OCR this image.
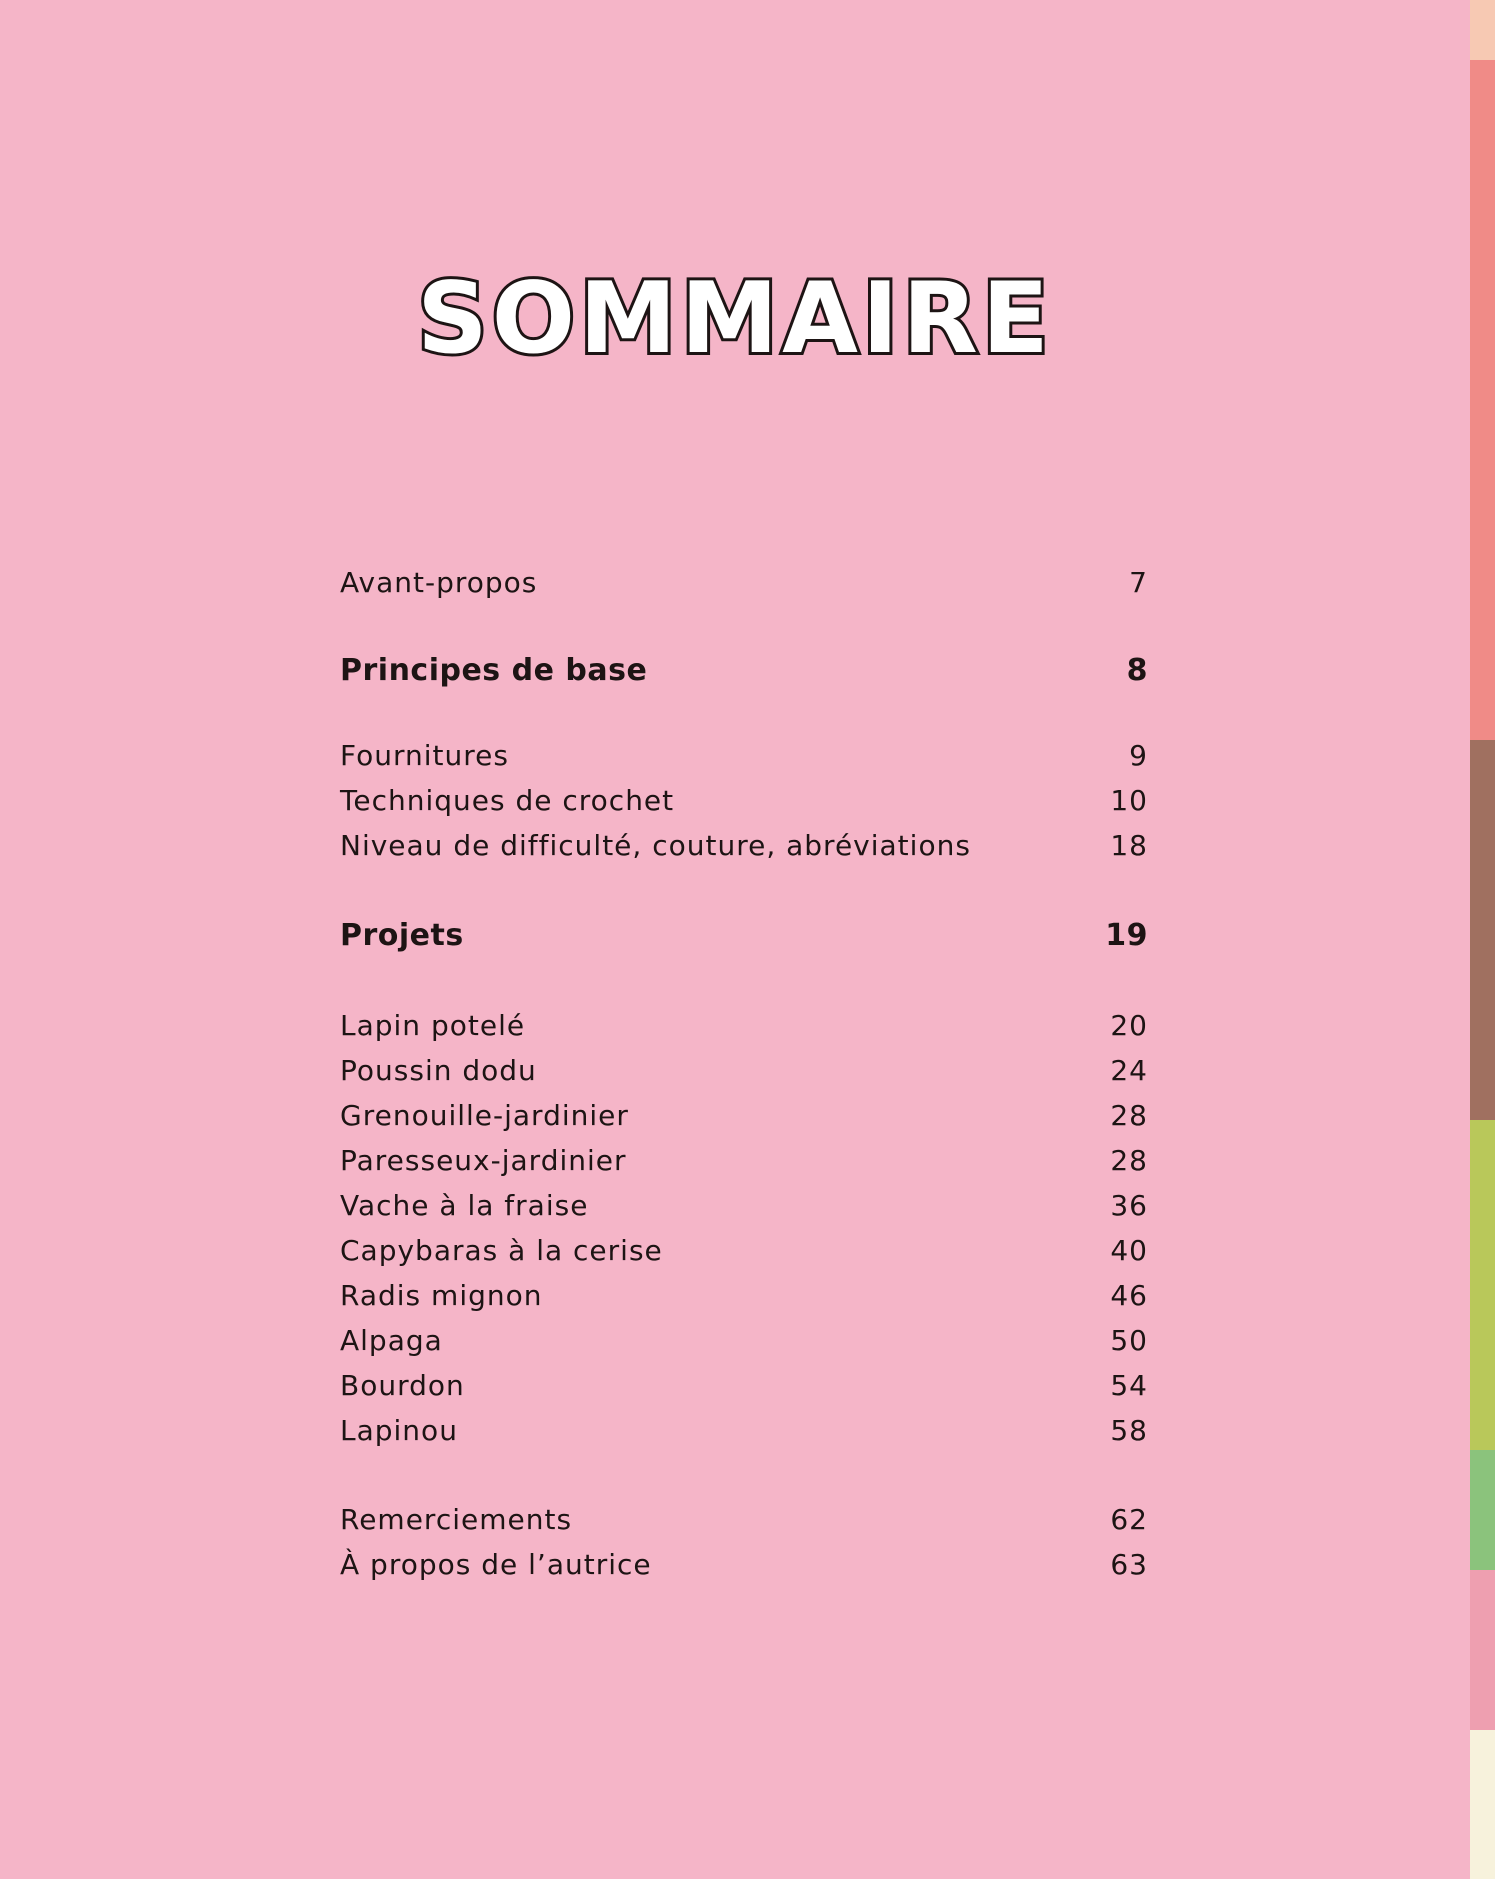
SOMMAIRE
Avant-propos	7
Principes de base	8
Fournitures	9
Techniques de crochet	10
Niveau de difficulté, couture, abréviations	18
Projets	19
Lapin potelé	20
Poussin dodu	24
Grenouille-jardinier	28
Paresseux-jardinier	28
Vache à la fraise	36
Capybaras à la cerise	40
Radis mignon	46
Alpaga	50
Bourdon	54
Lapinou	58
Remerciements	62
À propos de l’autrice	63
